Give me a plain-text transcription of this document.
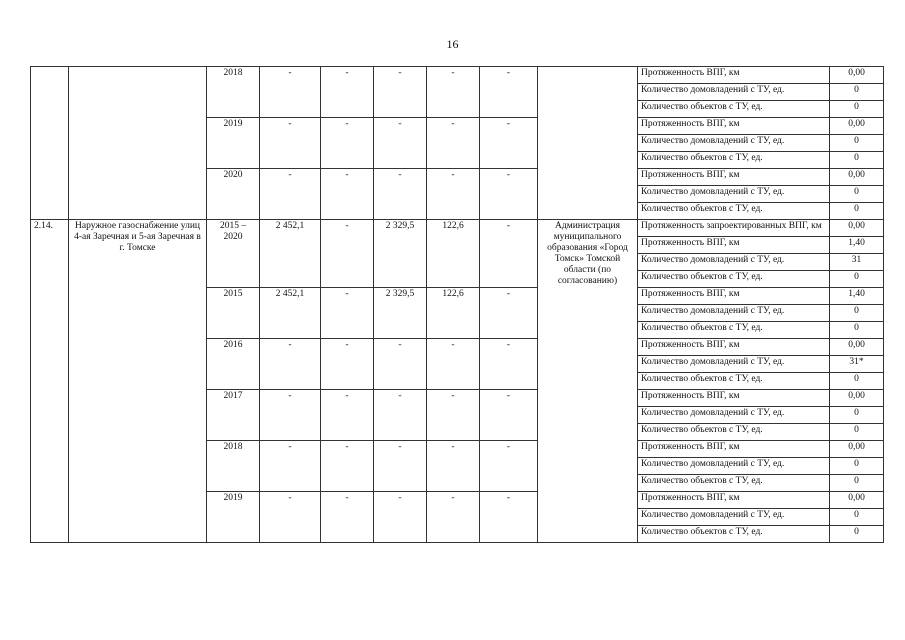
16
		2018	-	-	-	-	-		Протяженность ВПГ, км	0,00
									Количество домовладений с ТУ, ед.	0
									Количество объектов с ТУ, ед.	0
		2019	-	-	-	-	-		Протяженность ВПГ, км	0,00
									Количество домовладений с ТУ, ед.	0
									Количество объектов с ТУ, ед.	0
		2020	-	-	-	-	-		Протяженность ВПГ, км	0,00
									Количество домовладений с ТУ, ед.	0
									Количество объектов с ТУ, ед.	0
2.14.	Наружное газоснабжение улиц 4-ая Заречная и 5-ая Заречная в г. Томске	2015 – 2020	2 452,1	-	2 329,5	122,6	-	Администрация муниципального образования «Город Томск» Томской области (по согласованию)	Протяженность запроектированных ВПГ, км	0,00
									Протяженность ВПГ, км	1,40
									Количество домовладений с ТУ, ед.	31
									Количество объектов с ТУ, ед.	0
		2015	2 452,1	-	2 329,5	122,6	-		Протяженность ВПГ, км	1,40
									Количество домовладений с ТУ, ед.	0
									Количество объектов с ТУ, ед.	0
		2016	-	-	-	-	-		Протяженность ВПГ, км	0,00
									Количество домовладений с ТУ, ед.	31*
									Количество объектов с ТУ, ед.	0
		2017	-	-	-	-	-		Протяженность ВПГ, км	0,00
									Количество домовладений с ТУ, ед.	0
									Количество объектов с ТУ, ед.	0
		2018	-	-	-	-	-		Протяженность ВПГ, км	0,00
									Количество домовладений с ТУ, ед.	0
									Количество объектов с ТУ, ед.	0
		2019	-	-	-	-	-		Протяженность ВПГ, км	0,00
									Количество домовладений с ТУ, ед.	0
									Количество объектов с ТУ, ед.	0
